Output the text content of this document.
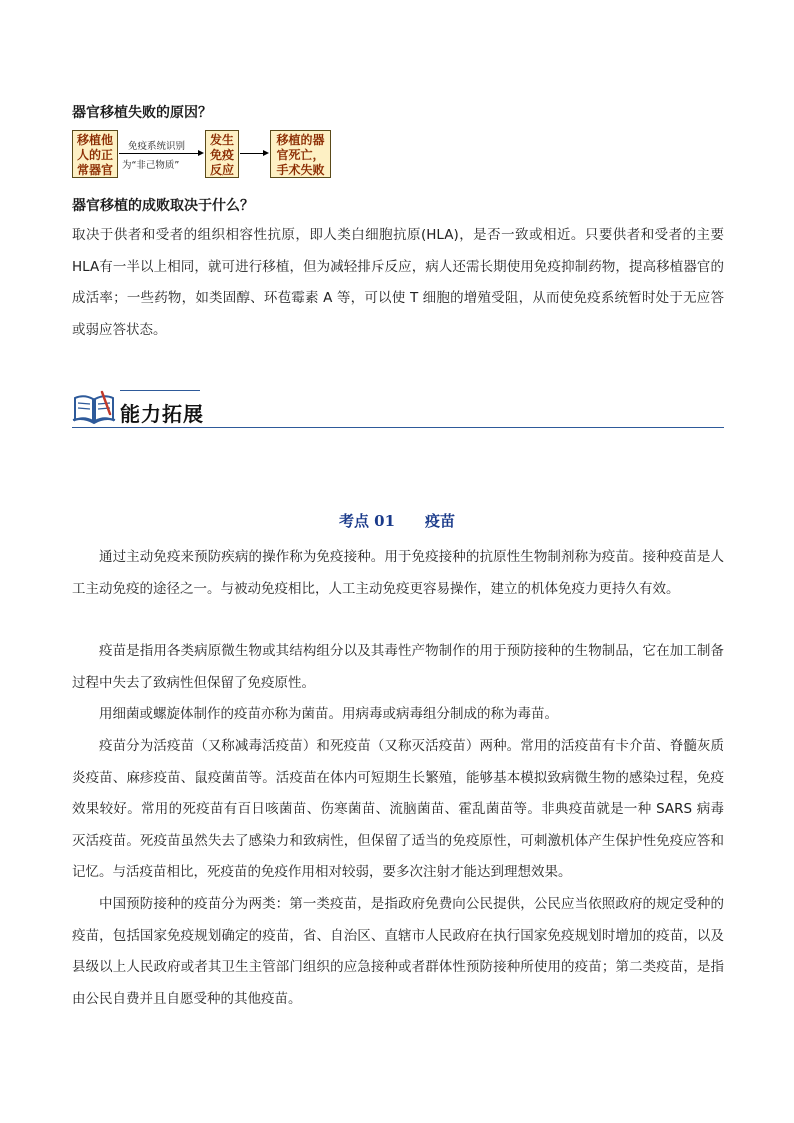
器官移植失败的原因？
移植他
人的正
常器官
免疫系统识别
为“非己物质”
发生
免疫
反应
移植的器
官死亡，
手术失败
器官移植的成败取决于什么？
取决于供者和受者的组织相容性抗原，即人类白细胞抗原(HLA)，是否一致或相近。只要供者和受者的主要HLA有一半以上相同，就可进行移植，但为减轻排斥反应，病人还需长期使用免疫抑制药物，提高移植器官的成活率；一些药物，如类固醇、环苞霉素 A 等，可以使 T 细胞的增殖受阻，从而使免疫系统暂时处于无应答或弱应答状态。
能力拓展
考点 01 疫苗
通过主动免疫来预防疾病的操作称为免疫接种。用于免疫接种的抗原性生物制剂称为疫苗。接种疫苗是人工主动免疫的途径之一。与被动免疫相比，人工主动免疫更容易操作，建立的机体免疫力更持久有效。
疫苗是指用各类病原微生物或其结构组分以及其毒性产物制作的用于预防接种的生物制品，它在加工制备过程中失去了致病性但保留了免疫原性。
用细菌或螺旋体制作的疫苗亦称为菌苗。用病毒或病毒组分制成的称为毒苗。
疫苗分为活疫苗（又称减毒活疫苗）和死疫苗（又称灭活疫苗）两种。常用的活疫苗有卡介苗、脊髓灰质炎疫苗、麻疹疫苗、鼠疫菌苗等。活疫苗在体内可短期生长繁殖，能够基本模拟致病微生物的感染过程，免疫效果较好。常用的死疫苗有百日咳菌苗、伤寒菌苗、流脑菌苗、霍乱菌苗等。非典疫苗就是一种 SARS 病毒灭活疫苗。死疫苗虽然失去了感染力和致病性，但保留了适当的免疫原性，可刺激机体产生保护性免疫应答和记忆。与活疫苗相比，死疫苗的免疫作用相对较弱，要多次注射才能达到理想效果。
中国预防接种的疫苗分为两类：第一类疫苗，是指政府免费向公民提供，公民应当依照政府的规定受种的疫苗，包括国家免疫规划确定的疫苗，省、自治区、直辖市人民政府在执行国家免疫规划时增加的疫苗，以及县级以上人民政府或者其卫生主管部门组织的应急接种或者群体性预防接种所使用的疫苗；第二类疫苗，是指由公民自费并且自愿受种的其他疫苗。
